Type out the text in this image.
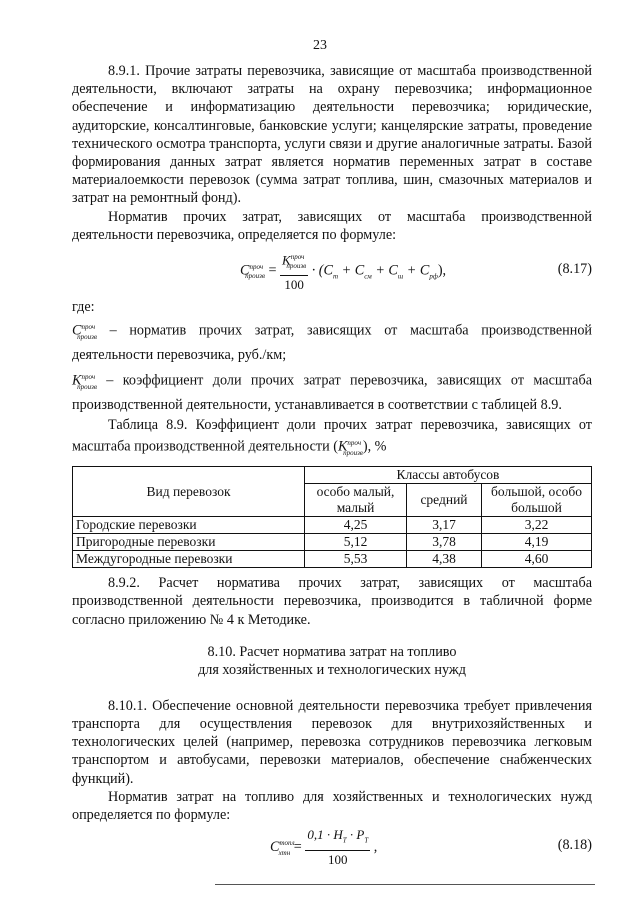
23

8.9.1. Прочие затраты перевозчика, зависящие от масштаба производственной деятельности, включают затраты на охрану перевозчика; информационное обеспечение и информатизацию деятельности перевозчика; юридические, аудиторские, консалтинговые, банковские услуги; канцелярские затраты, проведение технического осмотра транспорта, услуги связи и другие аналогичные затраты. Базой формирования данных затрат является норматив переменных затрат в составе материалоемкости перевозок (сумма затрат топлива, шин, смазочных материалов и затрат на ремонтный фонд).

Норматив прочих затрат, зависящих от масштаба производственной деятельности перевозчика, определяется по формуле:

$C^{проч}_{произв} = \frac{K^{проч}_{произв}}{100} \cdot (C_т + C_{см} + C_ш + C_{рф})$,	(8.17)

где:

$C^{проч}_{произв}$ – норматив прочих затрат, зависящих от масштаба производственной деятельности перевозчика, руб./км;

$K^{проч}_{произв}$ – коэффициент доли прочих затрат перевозчика, зависящих от масштаба производственной деятельности, устанавливается в соответствии с таблицей 8.9.

Таблица 8.9. Коэффициент доли прочих затрат перевозчика, зависящих от масштаба производственной деятельности $(K^{проч}_{произв})$, %

Вид перевозок	Классы автобусов		
	особо малый, малый	средний	большой, особо большой
Городские перевозки	4,25	3,17	3,22
Пригородные перевозки	5,12	3,78	4,19
Междугородные перевозки	5,53	4,38	4,60

8.9.2. Расчет норматива прочих затрат, зависящих от масштаба производственной деятельности перевозчика, производится в табличной форме согласно приложению № 4 к Методике.

8.10. Расчет норматива затрат на топливо
для хозяйственных и технологических нужд

8.10.1. Обеспечение основной деятельности перевозчика требует привлечения транспорта для осуществления перевозок для внутрихозяйственных и технологических целей (например, перевозка сотрудников перевозчика легковым транспортом и автобусами, перевозки материалов, обеспечение снабженческих функций).

Норматив затрат на топливо для хозяйственных и технологических нужд определяется по формуле:

$C^{топл}_{хтн} = \frac{0,1 \cdot H_Т \cdot P_Т}{100}$ ,	(8.18)
